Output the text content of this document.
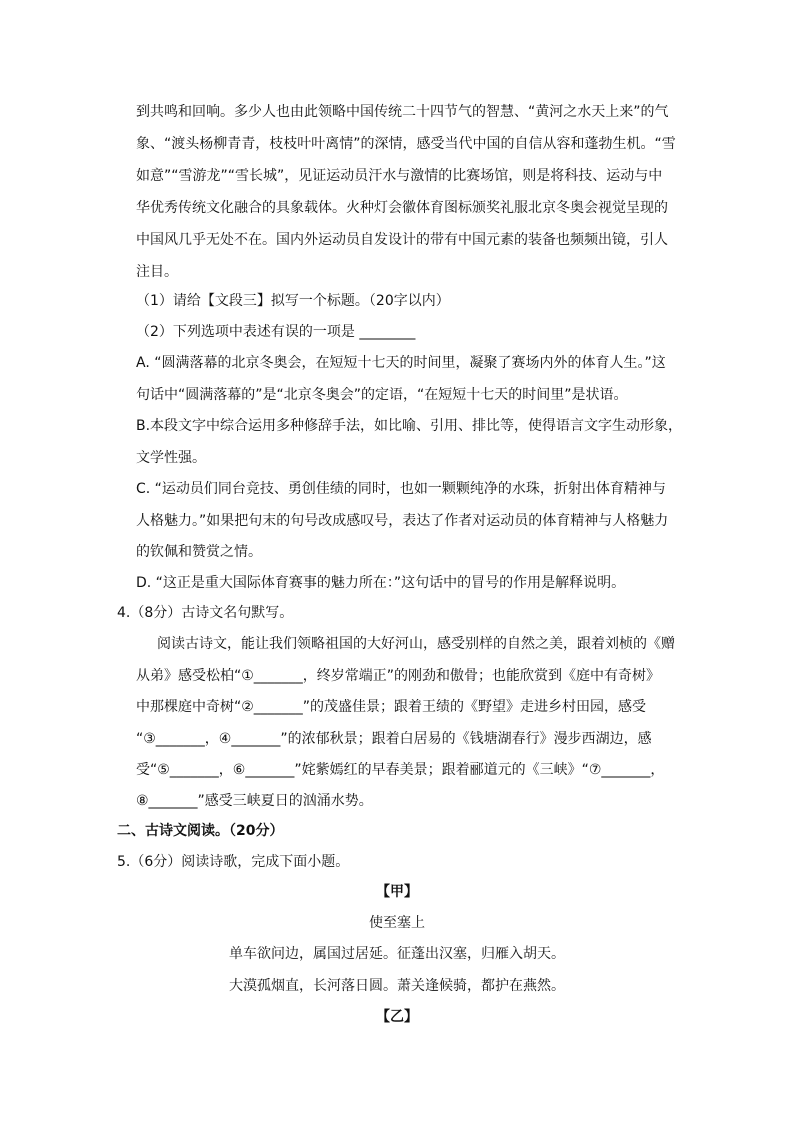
到共鸣和回响。多少人也由此领略中国传统二十四节气的智慧、“黄河之水天上来”的气
象、“渡头杨柳青青，枝枝叶叶离情”的深情，感受当代中国的自信从容和蓬勃生机。“雪
如意”“雪游龙”“雪长城”，见证运动员汗水与激情的比赛场馆，则是将科技、运动与中
华优秀传统文化融合的具象载体。火种灯会徽体育图标颁奖礼服北京冬奥会视觉呈现的
中国风几乎无处不在。国内外运动员自发设计的带有中国元素的装备也频频出镜，引人
注目。
（1）请给【文段三】拟写一个标题。（20字以内）
（2）下列选项中表述有误的一项是 ________
A. “圆满落幕的北京冬奥会，在短短十七天的时间里，凝聚了赛场内外的体育人生。”这
句话中“圆满落幕的”是“北京冬奥会”的定语，“在短短十七天的时间里”是状语。
B.本段文字中综合运用多种修辞手法，如比喻、引用、排比等，使得语言文字生动形象，
文学性强。
C. “运动员们同台竞技、勇创佳绩的同时，也如一颗颗纯净的水珠，折射出体育精神与
人格魅力。”如果把句末的句号改成感叹号，表达了作者对运动员的体育精神与人格魅力
的钦佩和赞赏之情。
D. “这正是重大国际体育赛事的魅力所在：”这句话中的冒号的作用是解释说明。
4.（8分）古诗文名句默写。
阅读古诗文，能让我们领略祖国的大好河山，感受别样的自然之美，跟着刘桢的《赠
从弟》感受松柏“①_______，终岁常端正”的刚劲和傲骨；也能欣赏到《庭中有奇树》
中那棵庭中奇树“②_______”的茂盛佳景；跟着王绩的《野望》走进乡村田园，感受
“③_______，④_______”的浓郁秋景；跟着白居易的《钱塘湖春行》漫步西湖边，感
受“⑤_______，⑥_______”姹紫嫣红的早春美景；跟着郦道元的《三峡》“⑦_______，
⑧_______”感受三峡夏日的汹涌水势。
二、古诗文阅读。（20分）
5.（6分）阅读诗歌，完成下面小题。
【甲】
使至塞上
单车欲问边，属国过居延。征蓬出汉塞，归雁入胡天。
大漠孤烟直，长河落日圆。萧关逢候骑，都护在燕然。
【乙】
